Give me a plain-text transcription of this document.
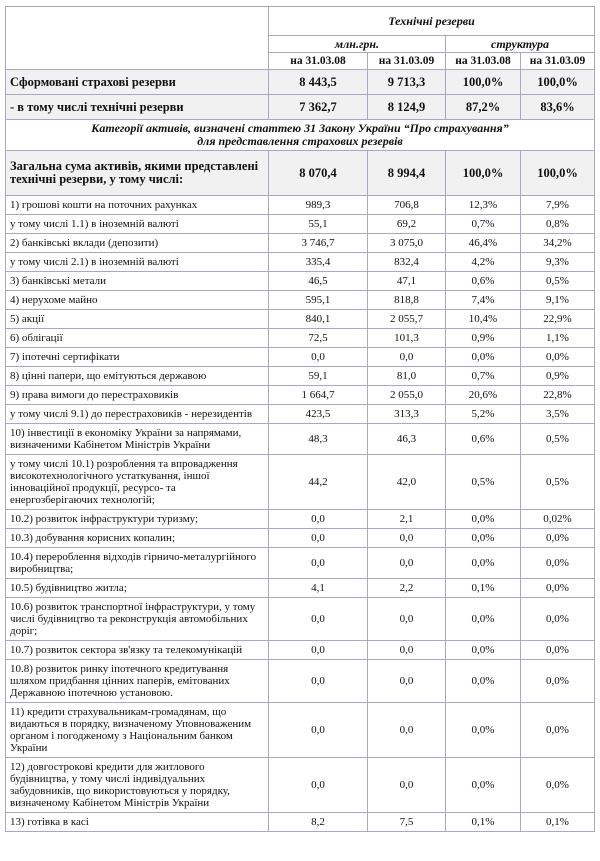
	Технічні резерви			
	млн.грн.		структура	
	на 31.03.08	на 31.03.09	на 31.03.08	на 31.03.09
Сформовані страхові резерви	8 443,5	9 713,3	100,0%	100,0%
- в тому числі технічні резерви	7 362,7	8 124,9	87,2%	83,6%
Категорії активів, визначені статтею 31 Закону України “Про страхування”
для представлення страхових резервів				
Загальна сума активів, якими представлені технічні резерви, у тому числі:	8 070,4	8 994,4	100,0%	100,0%
1) грошові кошти на поточних рахунках	989,3	706,8	12,3%	7,9%
у тому числі 1.1) в іноземній валюті	55,1	69,2	0,7%	0,8%
2) банківські вклади (депозити)	3 746,7	3 075,0	46,4%	34,2%
у тому числі 2.1) в іноземній валюті	335,4	832,4	4,2%	9,3%
3) банківські метали	46,5	47,1	0,6%	0,5%
4) нерухоме майно	595,1	818,8	7,4%	9,1%
5) акції	840,1	2 055,7	10,4%	22,9%
6) облігації	72,5	101,3	0,9%	1,1%
7) іпотечні сертифікати	0,0	0,0	0,0%	0,0%
8) цінні папери, що емітуються державою	59,1	81,0	0,7%	0,9%
9) права вимоги до перестраховиків	1 664,7	2 055,0	20,6%	22,8%
у тому числі 9.1) до перестраховиків - нерезидентів	423,5	313,3	5,2%	3,5%
10) інвестиції в економіку України за напрямами, визначеними Кабінетом Міністрів України	48,3	46,3	0,6%	0,5%
у тому числі 10.1) розроблення та впровадження високотехнологічного устаткування, іншої інноваційної продукції, ресурсо- та енергозберігаючих технологій;	44,2	42,0	0,5%	0,5%
10.2) розвиток інфраструктури туризму;	0,0	2,1	0,0%	0,02%
10.3) добування корисних копалин;	0,0	0,0	0,0%	0,0%
10.4) перероблення відходів гірничо-металургійного виробництва;	0,0	0,0	0,0%	0,0%
10.5) будівництво житла;	4,1	2,2	0,1%	0,0%
10.6) розвиток транспортної інфраструктури, у тому числі будівництво та реконструкція автомобільних доріг;	0,0	0,0	0,0%	0,0%
10.7) розвиток сектора зв'язку та телекомунікацій	0,0	0,0	0,0%	0,0%
10.8) розвиток ринку іпотечного кредитування шляхом придбання цінних паперів, емітованих Державною іпотечною установою.	0,0	0,0	0,0%	0,0%
11) кредити страхувальникам-громадянам, що видаються в порядку, визначеному Уповноваженим органом і погодженому з Національним банком України	0,0	0,0	0,0%	0,0%
12) довгострокові кредити для житлового будівництва, у тому числі індивідуальних забудовників, що використовуються у порядку, визначеному Кабінетом Міністрів України	0,0	0,0	0,0%	0,0%
13) готівка в касі	8,2	7,5	0,1%	0,1%
